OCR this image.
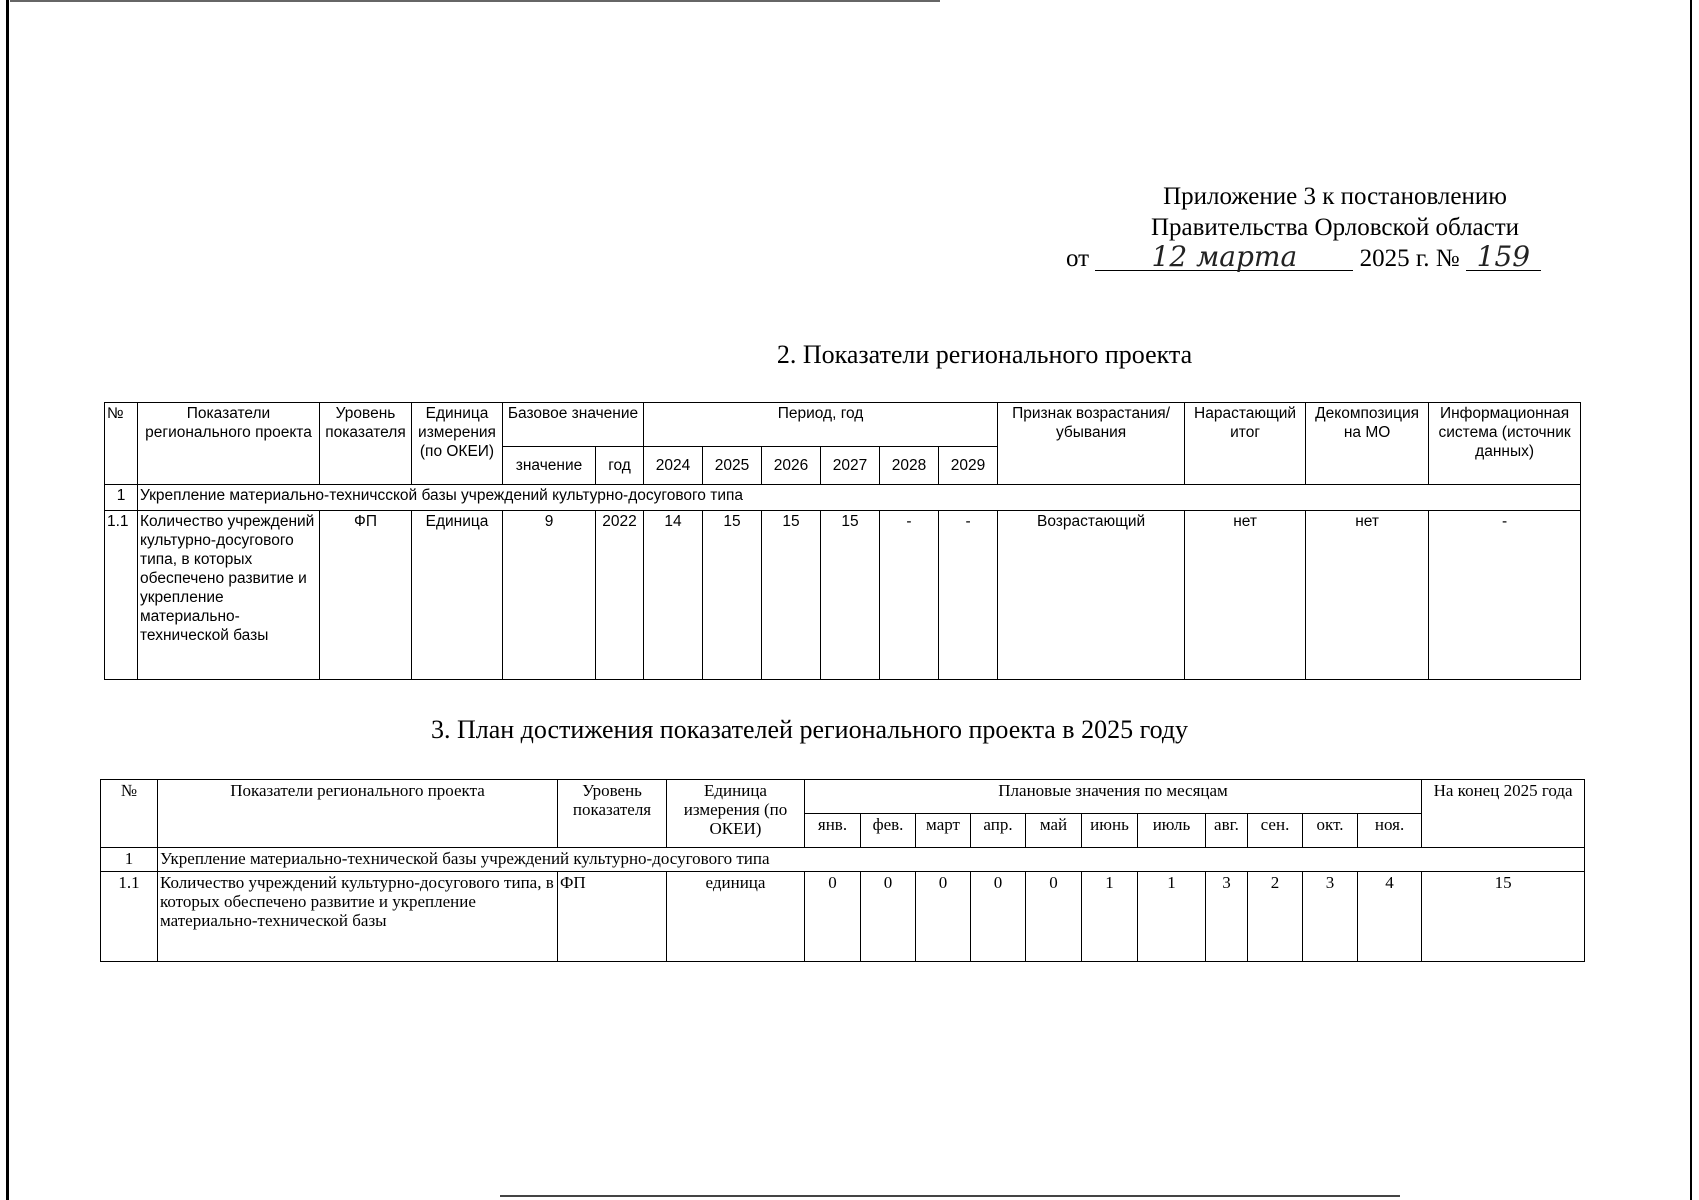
Приложение 3 к постановлению
Правительства Орловской области
от 12 марта 2025 г. № 159
2. Показатели регионального проекта
№	Показатели регионального проекта	Уровень показателя	Единица измерения (по ОКЕИ)	Базовое значение		Период, год						Признак возрастания/убывания	Нарастающий итог	Декомпозиция на МО	Информационная система (источник данных)
				значение	год	2024	2025	2026	2027	2028	2029				
1	Укрепление материально-техничсской базы учреждений культурно-досугового типа														
1.1	Количество учреждений культурно-досугового типа, в которых обеспечено развитие и укрепление материально-технической базы	ФП	Единица	9	2022	14	15	15	15	-	-	Возрастающий	нет	нет	-
3. План достижения показателей регионального проекта в 2025 году
№	Показатели регионального проекта	Уровень показателя	Единица измерения (по ОКЕИ)	Плановые значения по месяцам											На конец 2025 года
				янв.	фев.	март	апр.	май	июнь	июль	авг.	сен.	окт.	ноя.	
1	Укрепление материально-технической базы учреждений культурно-досугового типа														
1.1	Количество учреждений культурно-досугового типа, в которых обеспечено развитие и укрепление материально-технической базы	ФП	единица	0	0	0	0	0	1	1	3	2	3	4	15
